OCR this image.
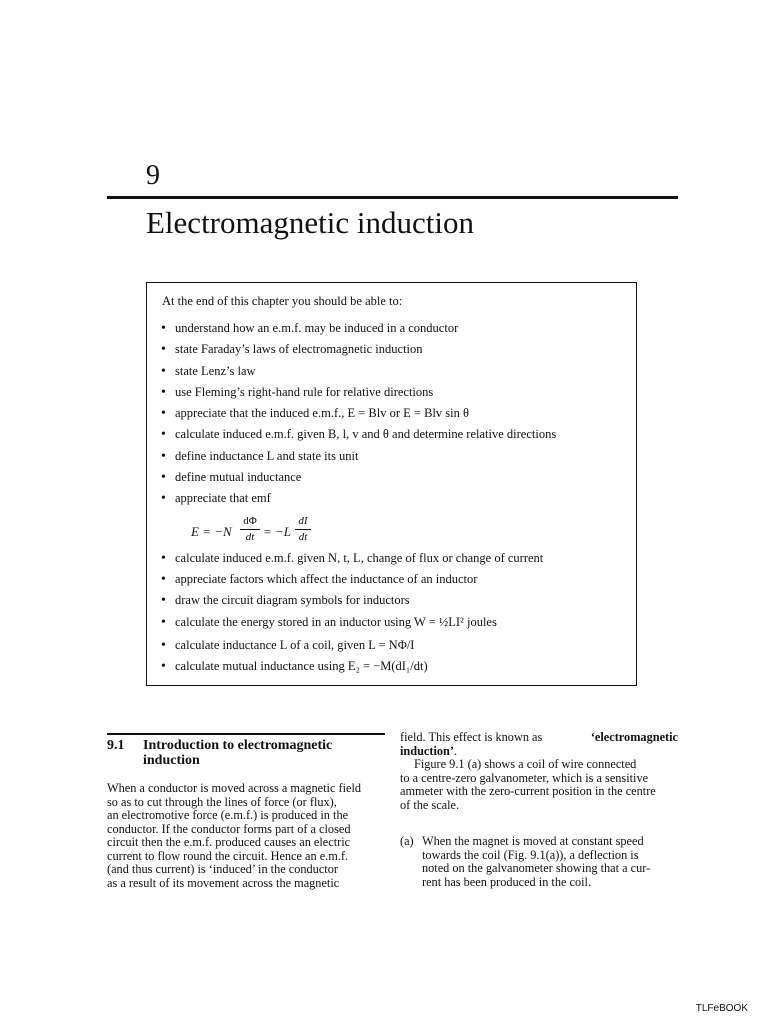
9
Electromagnetic induction
At the end of this chapter you should be able to:
• understand how an e.m.f. may be induced in a conductor
• state Faraday’s laws of electromagnetic induction
• state Lenz’s law
• use Fleming’s right-hand rule for relative directions
• appreciate that the induced e.m.f., E = Blv or E = Blv sin θ
• calculate induced e.m.f. given B, l, v and θ and determine relative directions
• define inductance L and state its unit
• define mutual inductance
• appreciate that emf
E = −N
dΦ
dt = −L
dI
dt
• calculate induced e.m.f. given N, t, L, change of flux or change of current
• appreciate factors which affect the inductance of an inductor
• draw the circuit diagram symbols for inductors
• calculate the energy stored in an inductor using W = ½LI² joules
• calculate inductance L of a coil, given L = NΦ/I
• calculate mutual inductance using E₂ = −M(dI₁/dt)
9.1 Introduction to electromagnetic
induction
When a conductor is moved across a magnetic field
so as to cut through the lines of force (or flux),
an electromotive force (e.m.f.) is produced in the
conductor. If the conductor forms part of a closed
circuit then the e.m.f. produced causes an electric
current to flow round the circuit. Hence an e.m.f.
(and thus current) is ‘induced’ in the conductor
as a result of its movement across the magnetic
field. This effect is known as	‘electromagnetic
induction’.
Figure 9.1 (a) shows a coil of wire connected
to a centre-zero galvanometer, which is a sensitive
ammeter with the zero-current position in the centre
of the scale.
(a) When the magnet is moved at constant speed
towards the coil (Fig. 9.1(a)), a deflection is
noted on the galvanometer showing that a cur-
rent has been produced in the coil.
TLFeBOOK
